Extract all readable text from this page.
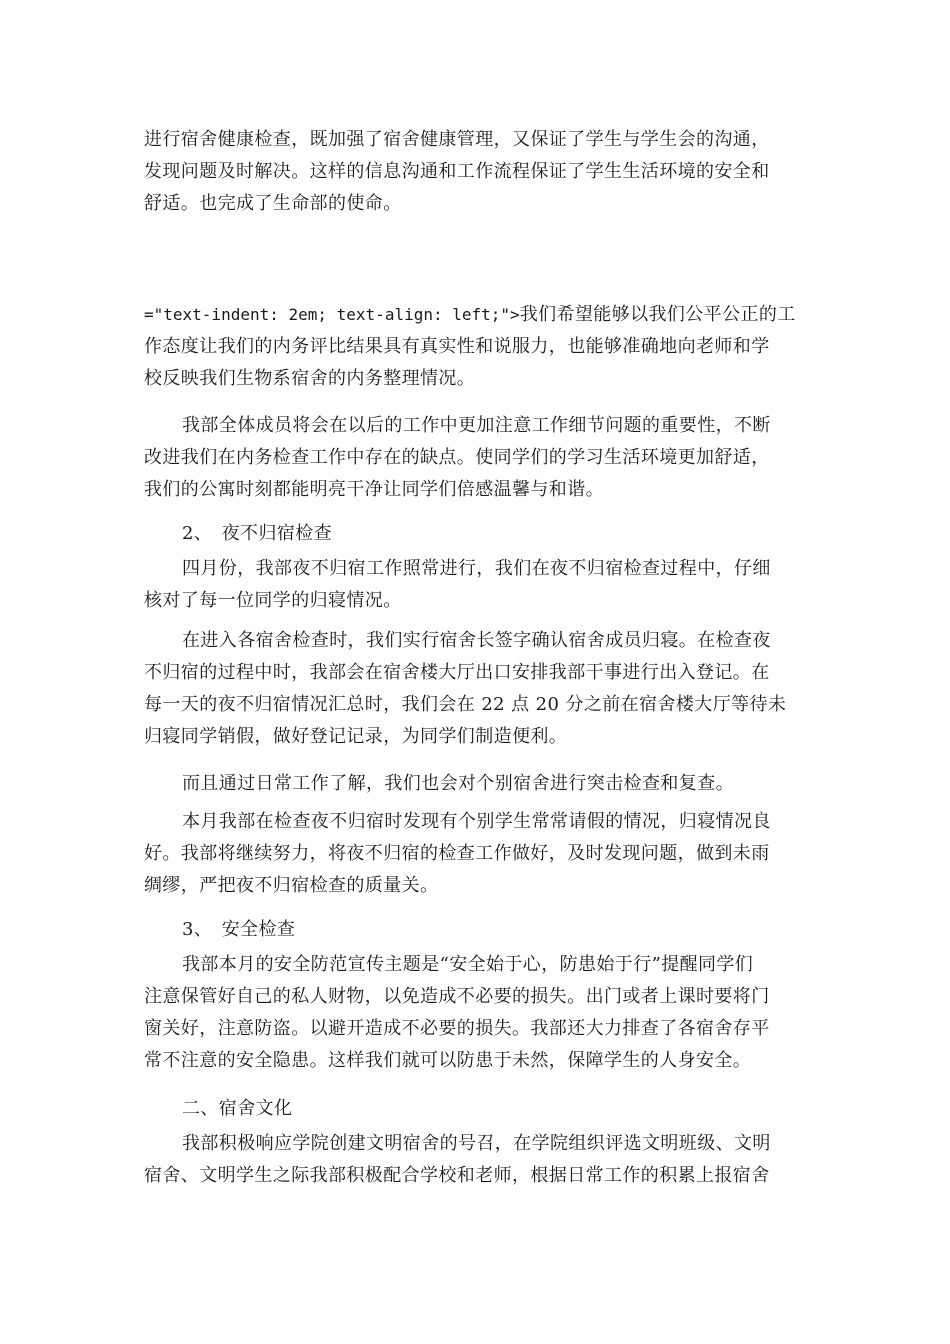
进行宿舍健康检查，既加强了宿舍健康管理，又保证了学生与学生会的沟通，
发现问题及时解决。这样的信息沟通和工作流程保证了学生生活环境的安全和
舒适。也完成了生命部的使命。

="text-indent: 2em; text-align: left;">我们希望能够以我们公平公正的工
作态度让我们的内务评比结果具有真实性和说服力，也能够准确地向老师和学
校反映我们生物系宿舍的内务整理情况。

我部全体成员将会在以后的工作中更加注意工作细节问题的重要性，不断
改进我们在内务检查工作中存在的缺点。使同学们的学习生活环境更加舒适，
我们的公寓时刻都能明亮干净让同学们倍感温馨与和谐。

2、　夜不归宿检查

四月份，我部夜不归宿工作照常进行，我们在夜不归宿检查过程中，仔细
核对了每一位同学的归寝情况。

在进入各宿舍检查时，我们实行宿舍长签字确认宿舍成员归寝。在检查夜
不归宿的过程中时，我部会在宿舍楼大厅出口安排我部干事进行出入登记。在
每一天的夜不归宿情况汇总时，我们会在 22 点 20 分之前在宿舍楼大厅等待未
归寝同学销假，做好登记记录，为同学们制造便利。

而且通过日常工作了解，我们也会对个别宿舍进行突击检查和复查。

本月我部在检查夜不归宿时发现有个别学生常常请假的情况，归寝情况良
好。我部将继续努力，将夜不归宿的检查工作做好，及时发现问题，做到未雨
绸缪，严把夜不归宿检查的质量关。

3、　安全检查

我部本月的安全防范宣传主题是“安全始于心，防患始于行”提醒同学们
注意保管好自己的私人财物，以免造成不必要的损失。出门或者上课时要将门
窗关好，注意防盗。以避开造成不必要的损失。我部还大力排查了各宿舍存平
常不注意的安全隐患。这样我们就可以防患于未然，保障学生的人身安全。

二、宿舍文化

我部积极响应学院创建文明宿舍的号召，在学院组织评选文明班级、文明
宿舍、文明学生之际我部积极配合学校和老师，根据日常工作的积累上报宿舍
